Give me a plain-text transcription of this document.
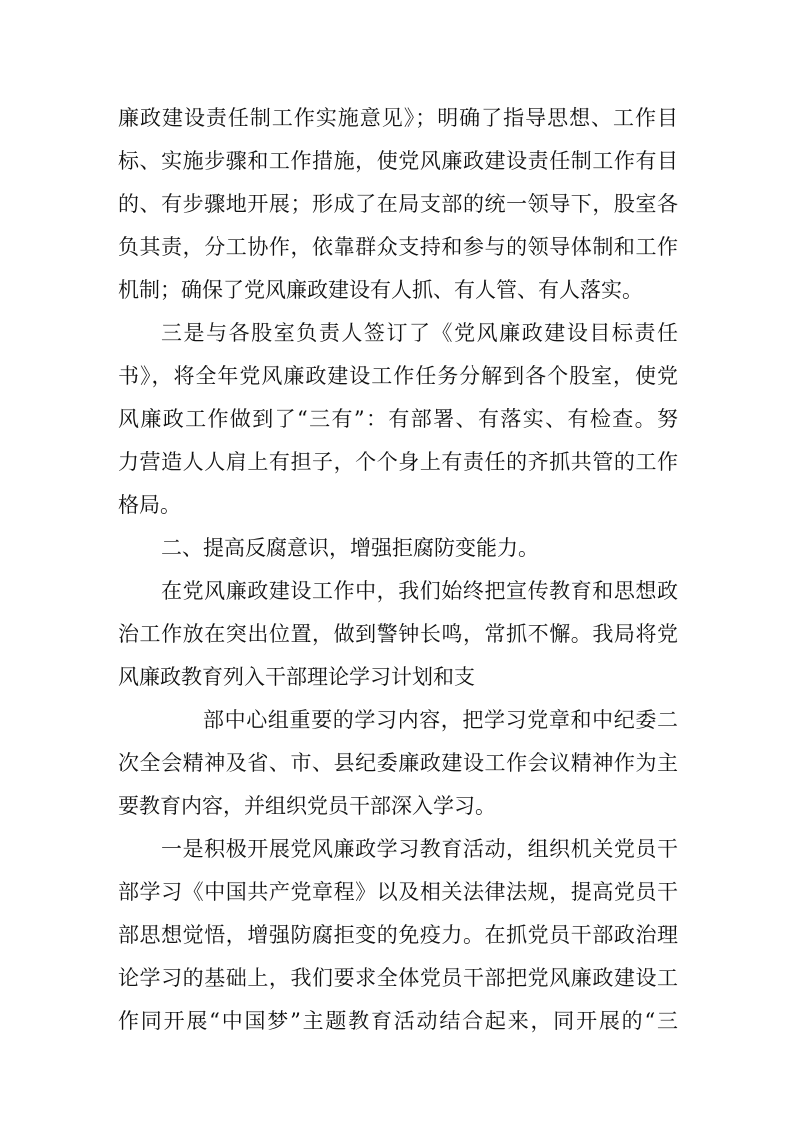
廉政建设责任制工作实施意见》；明确了指导思想、工作目
标、实施步骤和工作措施，使党风廉政建设责任制工作有目
的、有步骤地开展；形成了在局支部的统一领导下，股室各
负其责，分工协作，依靠群众支持和参与的领导体制和工作
机制；确保了党风廉政建设有人抓、有人管、有人落实。
三是与各股室负责人签订了《党风廉政建设目标责任
书》，将全年党风廉政建设工作任务分解到各个股室，使党
风廉政工作做到了“三有”：有部署、有落实、有检查。努
力营造人人肩上有担子，个个身上有责任的齐抓共管的工作
格局。
二、提高反腐意识，增强拒腐防变能力。
在党风廉政建设工作中，我们始终把宣传教育和思想政
治工作放在突出位置，做到警钟长鸣，常抓不懈。我局将党
风廉政教育列入干部理论学习计划和支
部中心组重要的学习内容，把学习党章和中纪委二
次全会精神及省、市、县纪委廉政建设工作会议精神作为主
要教育内容，并组织党员干部深入学习。
一是积极开展党风廉政学习教育活动，组织机关党员干
部学习《中国共产党章程》以及相关法律法规，提高党员干
部思想觉悟，增强防腐拒变的免疫力。在抓党员干部政治理
论学习的基础上，我们要求全体党员干部把党风廉政建设工
作同开展“中国梦”主题教育活动结合起来，同开展的“三
